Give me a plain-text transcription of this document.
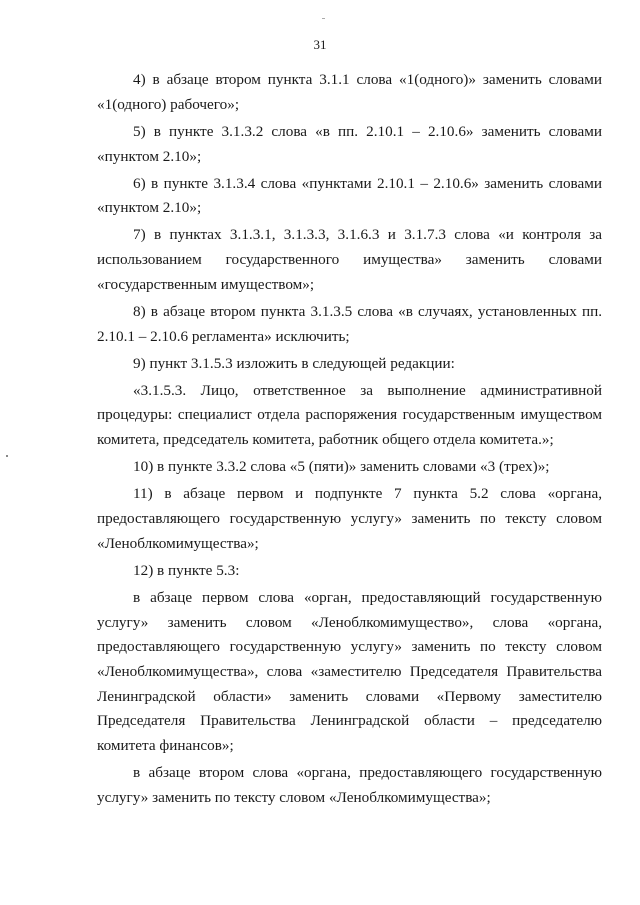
31

4) в абзаце втором пункта 3.1.1 слова «1(одного)» заменить словами «1(одного) рабочего»;

5) в пункте 3.1.3.2 слова «в пп. 2.10.1 – 2.10.6» заменить словами «пунктом 2.10»;

6) в пункте 3.1.3.4 слова «пунктами 2.10.1 – 2.10.6» заменить словами «пунктом 2.10»;

7) в пунктах 3.1.3.1, 3.1.3.3, 3.1.6.3 и 3.1.7.3 слова «и контроля за использованием государственного имущества» заменить словами «государственным имуществом»;

8) в абзаце втором пункта 3.1.3.5 слова «в случаях, установленных пп. 2.10.1 – 2.10.6 регламента» исключить;

9) пункт 3.1.5.3 изложить в следующей редакции:

«3.1.5.3. Лицо, ответственное за выполнение административной процедуры: специалист отдела распоряжения государственным имуществом комитета, председатель комитета, работник общего отдела комитета.»;

10) в пункте 3.3.2 слова «5 (пяти)» заменить словами «3 (трех)»;

11) в абзаце первом и подпункте 7 пункта 5.2 слова «органа, предоставляющего государственную услугу» заменить по тексту словом «Леноблкомимущества»;

12) в пункте 5.3:

в абзаце первом слова «орган, предоставляющий государственную услугу» заменить словом «Леноблкомимущество», слова «органа, предоставляющего государственную услугу» заменить по тексту словом «Леноблкомимущества», слова «заместителю Председателя Правительства Ленинградской области» заменить словами «Первому заместителю Председателя Правительства Ленинградской области – председателю комитета финансов»;

в абзаце втором слова «органа, предоставляющего государственную услугу» заменить по тексту словом «Леноблкомимущества»;
